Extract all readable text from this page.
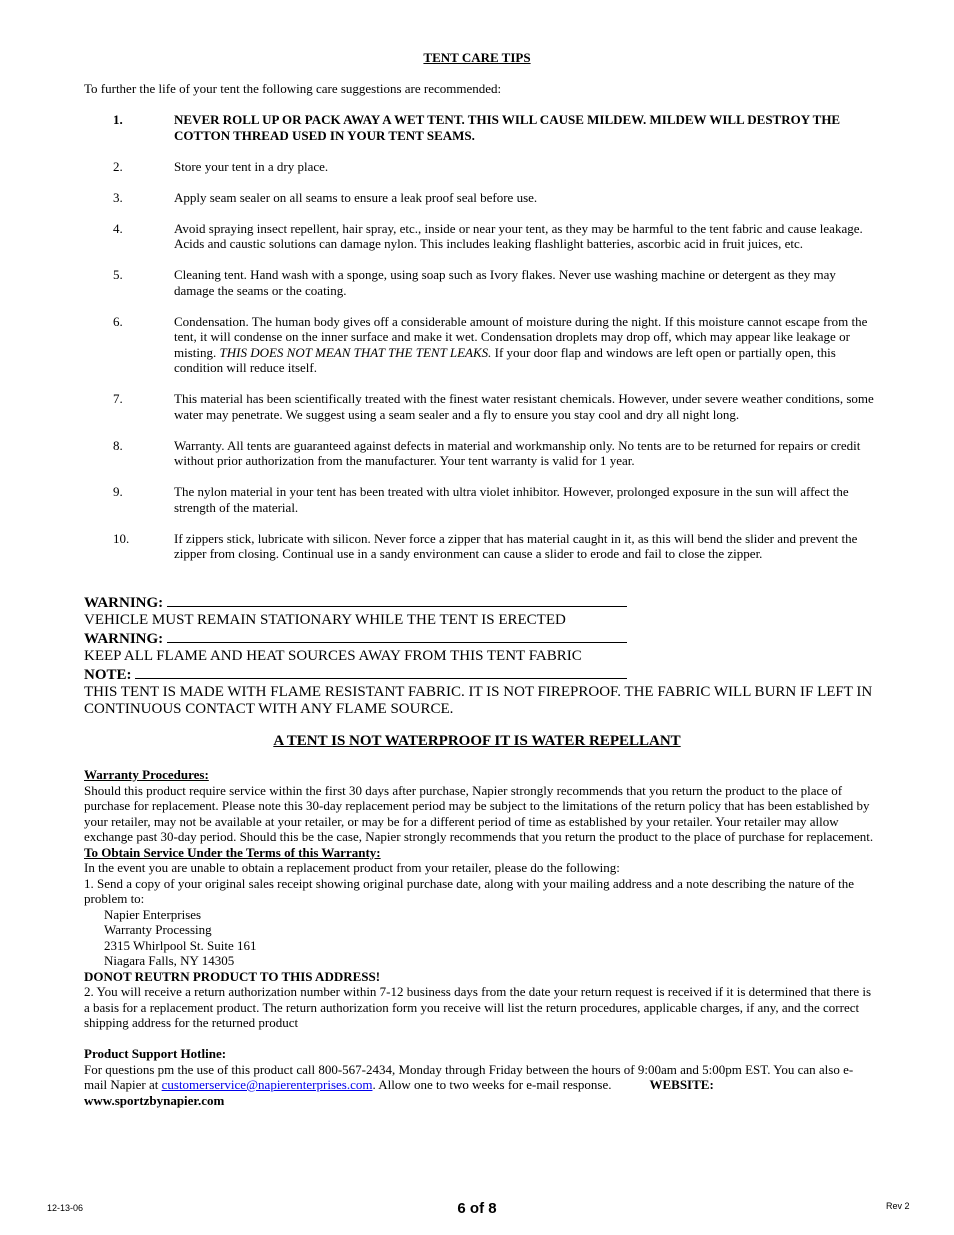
TENT CARE TIPS
To further the life of your tent the following care suggestions are recommended:
1.	NEVER ROLL UP OR PACK AWAY A WET TENT. THIS WILL CAUSE MILDEW. MILDEW WILL DESTROY THE COTTON THREAD USED IN YOUR TENT SEAMS.
2.	Store your tent in a dry place.
3.	Apply seam sealer on all seams to ensure a leak proof seal before use.
4.	Avoid spraying insect repellent, hair spray, etc., inside or near your tent, as they may be harmful to the tent fabric and cause leakage. Acids and caustic solutions can damage nylon. This includes leaking flashlight batteries, ascorbic acid in fruit juices, etc.
5.	Cleaning tent. Hand wash with a sponge, using soap such as Ivory flakes. Never use washing machine or detergent as they may damage the seams or the coating.
6.	Condensation. The human body gives off a considerable amount of moisture during the night. If this moisture cannot escape from the tent, it will condense on the inner surface and make it wet. Condensation droplets may drop off, which may appear like leakage or misting. THIS DOES NOT MEAN THAT THE TENT LEAKS. If your door flap and windows are left open or partially open, this condition will reduce itself.
7.	This material has been scientifically treated with the finest water resistant chemicals. However, under severe weather conditions, some water may penetrate. We suggest using a seam sealer and a fly to ensure you stay cool and dry all night long.
8.	Warranty. All tents are guaranteed against defects in material and workmanship only. No tents are to be returned for repairs or credit without prior authorization from the manufacturer. Your tent warranty is valid for 1 year.
9.	The nylon material in your tent has been treated with ultra violet inhibitor. However, prolonged exposure in the sun will affect the strength of the material.
10.	If zippers stick, lubricate with silicon. Never force a zipper that has material caught in it, as this will bend the slider and prevent the zipper from closing. Continual use in a sandy environment can cause a slider to erode and fail to close the zipper.
WARNING:
VEHICLE MUST REMAIN STATIONARY WHILE THE TENT IS ERECTED
WARNING:
KEEP ALL FLAME AND HEAT SOURCES AWAY FROM THIS TENT FABRIC
NOTE:
THIS TENT IS MADE WITH FLAME RESISTANT FABRIC. IT IS NOT FIREPROOF. THE FABRIC WILL BURN IF LEFT IN CONTINUOUS CONTACT WITH ANY FLAME SOURCE.
A TENT IS NOT WATERPROOF IT IS WATER REPELLANT
Warranty Procedures:
Should this product require service within the first 30 days after purchase, Napier strongly recommends that you return the product to the place of purchase for replacement. Please note this 30-day replacement period may be subject to the limitations of the return policy that has been established by your retailer, may not be available at your retailer, or may be for a different period of time as established by your retailer. Your retailer may allow exchange past 30-day period. Should this be the case, Napier strongly recommends that you return the product to the place of purchase for replacement.
To Obtain Service Under the Terms of this Warranty:
In the event you are unable to obtain a replacement product from your retailer, please do the following:
1. Send a copy of your original sales receipt showing original purchase date, along with your mailing address and a note describing the nature of the problem to:
Napier Enterprises
Warranty Processing
2315 Whirlpool St. Suite 161
Niagara Falls, NY 14305
DONOT REUTRN PRODUCT TO THIS ADDRESS!
2. You will receive a return authorization number within 7-12 business days from the date your return request is received if it is determined that there is a basis for a replacement product. The return authorization form you receive will list the return procedures, applicable charges, if any, and the correct shipping address for the returned product
Product Support Hotline:
For questions pm the use of this product call 800-567-2434, Monday through Friday between the hours of 9:00am and 5:00pm EST. You can also e-mail Napier at customerservice@napierenterprises.com. Allow one to two weeks for e-mail response.	WEBSITE:
www.sportzbynapier.com
12-13-06	6 of 8	Rev 2
